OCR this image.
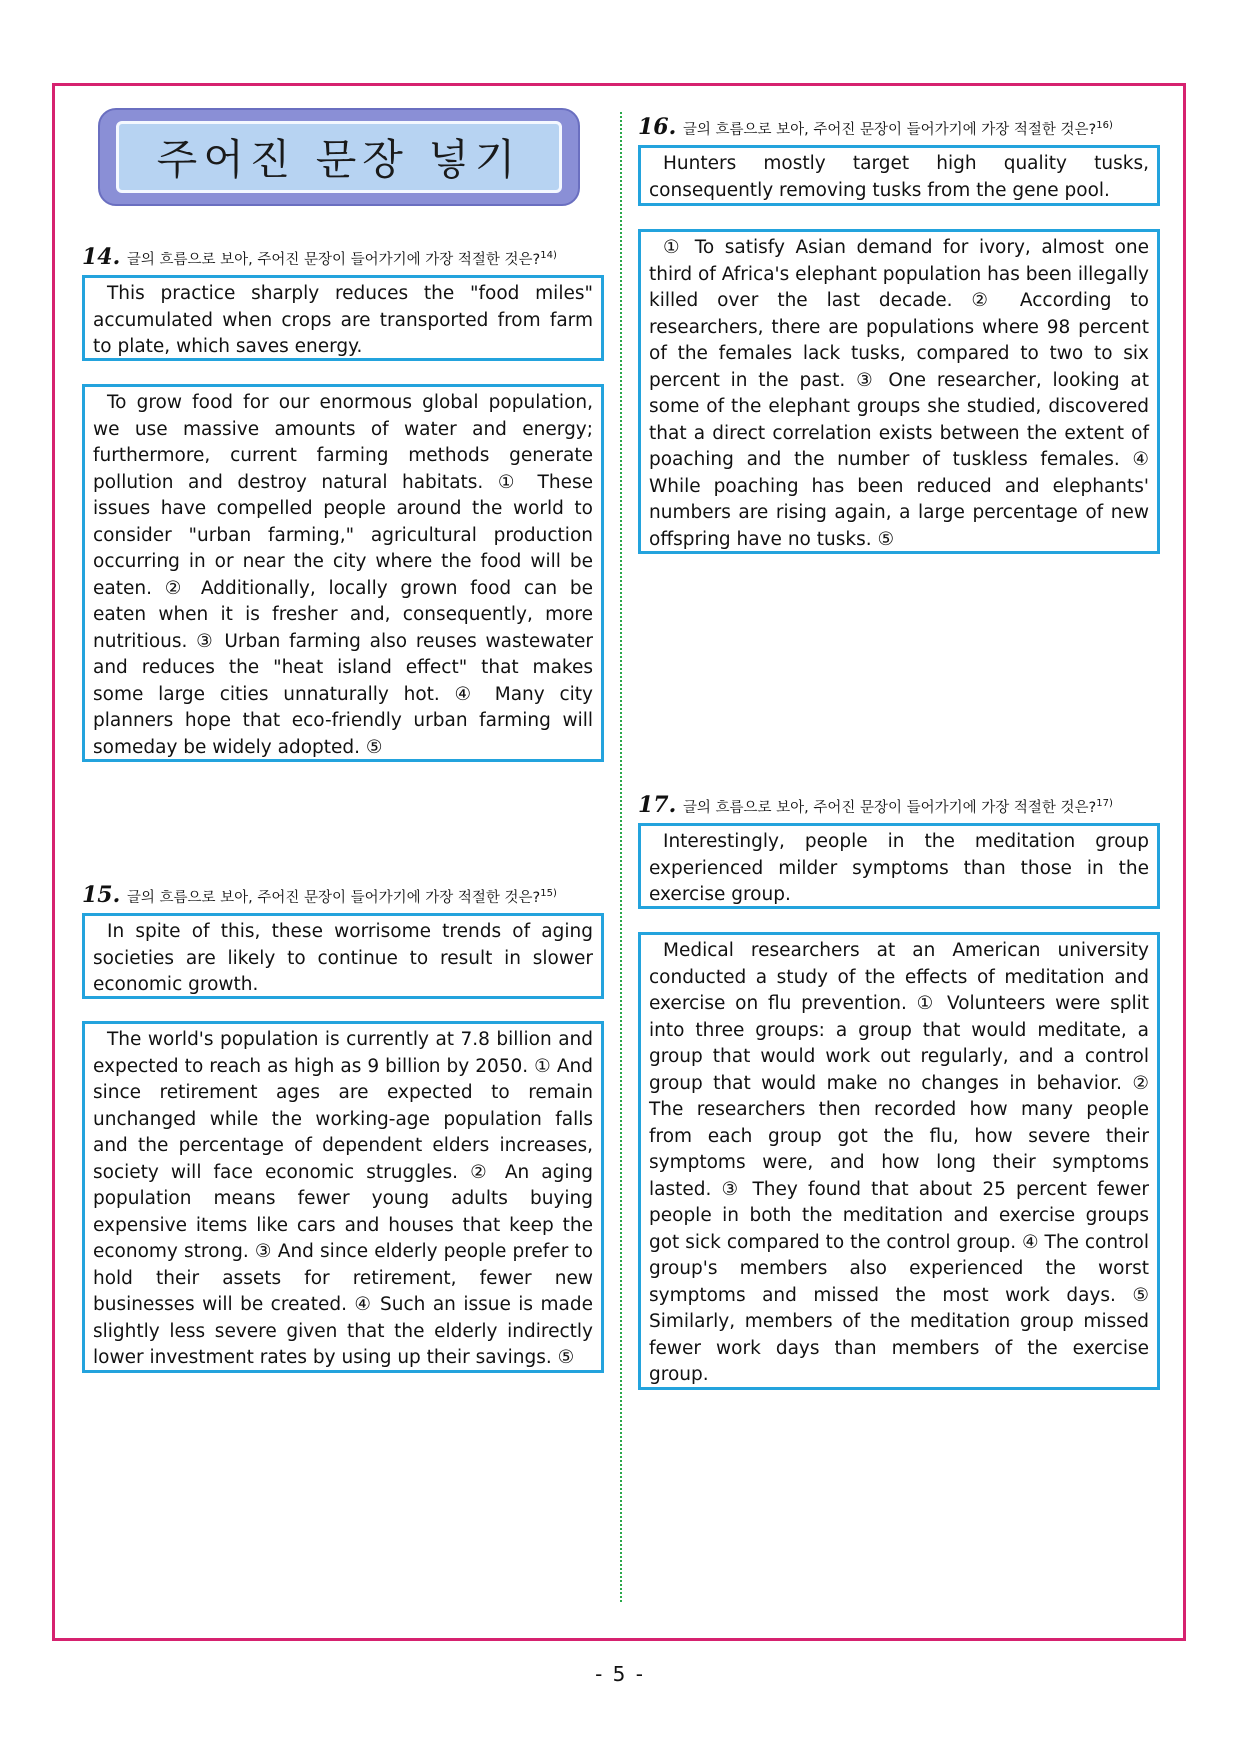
주어진 문장 넣기
14. 글의 흐름으로 보아, 주어진 문장이 들어가기에 가장 적절한 것은?$^{14)}$

This practice sharply reduces the "food miles" accumulated when crops are transported from farm to plate, which saves energy.

To grow food for our enormous global population, we use massive amounts of water and energy; furthermore, current farming methods generate pollution and destroy natural habitats. ① These issues have compelled people around the world to consider "urban farming," agricultural production occurring in or near the city where the food will be eaten. ② Additionally, locally grown food can be eaten when it is fresher and, consequently, more nutritious. ③ Urban farming also reuses wastewater and reduces the "heat island effect" that makes some large cities unnaturally hot. ④ Many city planners hope that eco-friendly urban farming will someday be widely adopted. ⑤

15. 글의 흐름으로 보아, 주어진 문장이 들어가기에 가장 적절한 것은?$^{15)}$

In spite of this, these worrisome trends of aging societies are likely to continue to result in slower economic growth.

The world's population is currently at 7.8 billion and expected to reach as high as 9 billion by 2050. ① And since retirement ages are expected to remain unchanged while the working-age population falls and the percentage of dependent elders increases, society will face economic struggles. ② An aging population means fewer young adults buying expensive items like cars and houses that keep the economy strong. ③ And since elderly people prefer to hold their assets for retirement, fewer new businesses will be created. ④ Such an issue is made slightly less severe given that the elderly indirectly lower investment rates by using up their savings. ⑤

16. 글의 흐름으로 보아, 주어진 문장이 들어가기에 가장 적절한 것은?$^{16)}$

Hunters mostly target high quality tusks, consequently removing tusks from the gene pool.

① To satisfy Asian demand for ivory, almost one third of Africa's elephant population has been illegally killed over the last decade. ② According to researchers, there are populations where 98 percent of the females lack tusks, compared to two to six percent in the past. ③ One researcher, looking at some of the elephant groups she studied, discovered that a direct correlation exists between the extent of poaching and the number of tuskless females. ④ While poaching has been reduced and elephants' numbers are rising again, a large percentage of new offspring have no tusks. ⑤

17. 글의 흐름으로 보아, 주어진 문장이 들어가기에 가장 적절한 것은?$^{17)}$

Interestingly, people in the meditation group experienced milder symptoms than those in the exercise group.

Medical researchers at an American university conducted a study of the effects of meditation and exercise on flu prevention. ① Volunteers were split into three groups: a group that would meditate, a group that would work out regularly, and a control group that would make no changes in behavior. ② The researchers then recorded how many people from each group got the flu, how severe their symptoms were, and how long their symptoms lasted. ③ They found that about 25 percent fewer people in both the meditation and exercise groups got sick compared to the control group. ④ The control group's members also experienced the worst symptoms and missed the most work days. ⑤ Similarly, members of the meditation group missed fewer work days than members of the exercise group.

- 5 -
